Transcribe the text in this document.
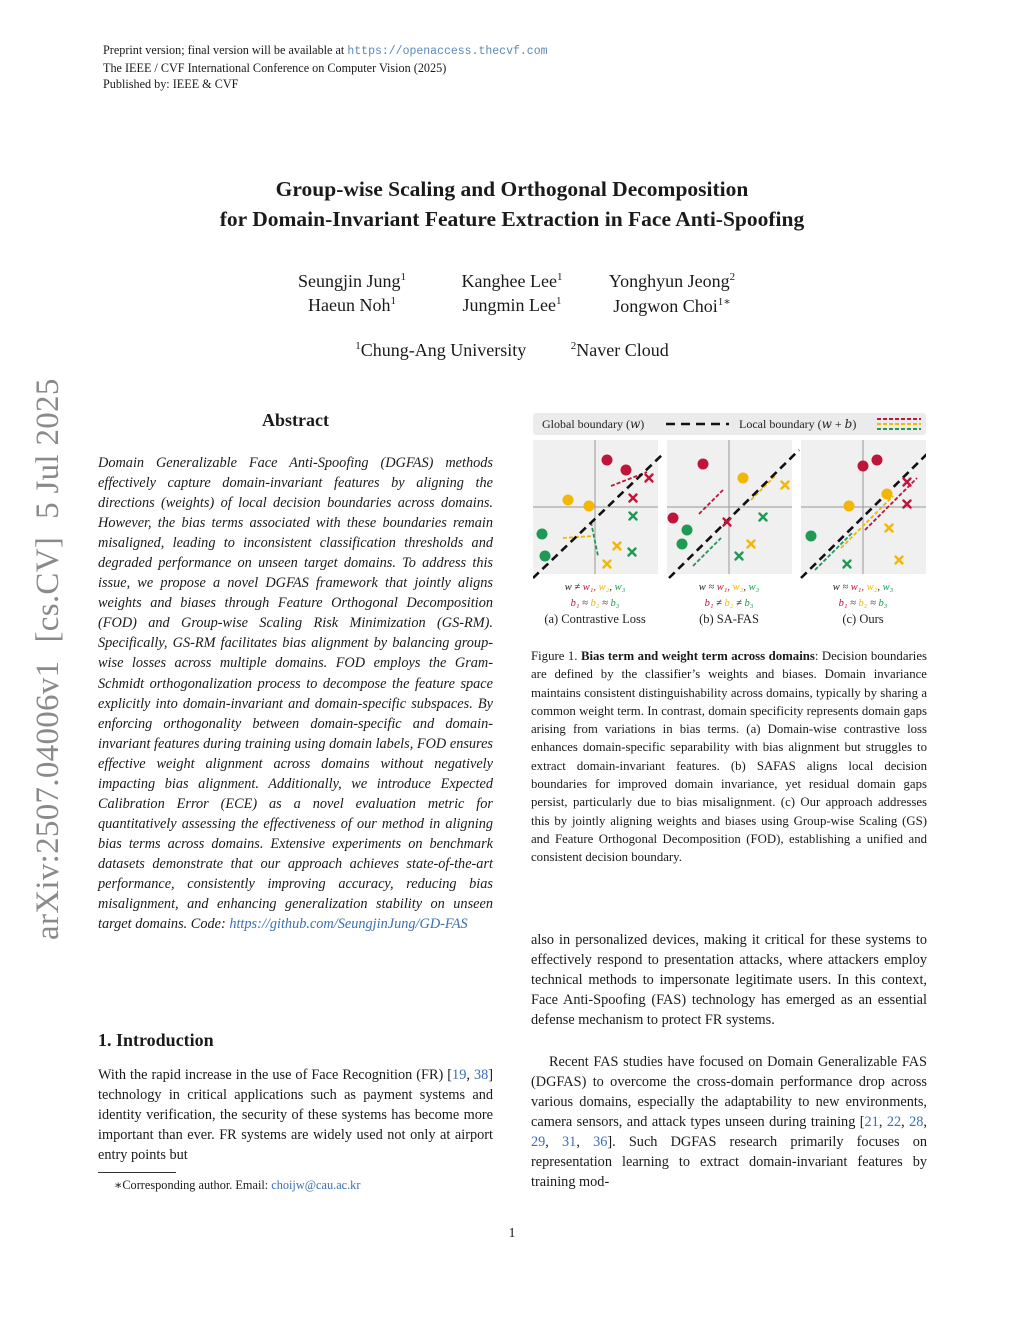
Preprint version; final version will be available at https://openaccess.thecvf.com
The IEEE / CVF International Conference on Computer Vision (2025)
Published by: IEEE & CVF
arXiv:2507.04006v1[cs.CV]5 Jul 2025
Group-wise Scaling and Orthogonal Decomposition
for Domain-Invariant Feature Extraction in Face Anti-Spoofing
Seungjin Jung$^1$	Kanghee Lee$^1$	Yonghyun Jeong$^2$
Haeun Noh$^1$	Jungmin Lee$^1$	Jongwon Choi$^{1∗}$
$^1$Chung-Ang University	$^2$Naver Cloud
Abstract
Domain Generalizable Face Anti-Spoofing (DGFAS) methods effectively capture domain-invariant features by aligning the directions (weights) of local decision boundaries across domains. However, the bias terms associated with these boundaries remain misaligned, leading to inconsistent classification thresholds and degraded performance on unseen target domains. To address this issue, we propose a novel DGFAS framework that jointly aligns weights and biases through Feature Orthogonal Decomposition (FOD) and Group-wise Scaling Risk Minimization (GS-RM). Specifically, GS-RM facilitates bias alignment by balancing group-wise losses across multiple domains. FOD employs the Gram-Schmidt orthogonalization process to decompose the feature space explicitly into domain-invariant and domain-specific subspaces. By enforcing orthogonality between domain-specific and domain-invariant features during training using domain labels, FOD ensures effective weight alignment across domains without negatively impacting bias alignment. Additionally, we introduce Expected Calibration Error (ECE) as a novel evaluation metric for quantitatively assessing the effectiveness of our method in aligning bias terms across domains. Extensive experiments on benchmark datasets demonstrate that our approach achieves state-of-the-art performance, consistently improving accuracy, reducing bias misalignment, and enhancing generalization stability on unseen target domains. Code: https://github.com/SeungjinJung/GD-FAS
1. Introduction
With the rapid increase in the use of Face Recognition (FR) [19, 38] technology in critical applications such as payment systems and identity verification, the security of these systems has become more important than ever. FR systems are widely used not only at airport entry points but
∗Corresponding author. Email: choijw@cau.ac.kr
Global boundary (𝑤)	Local boundary (𝑤 + 𝑏)
w ≠ w₁, w₂, w₃
b₁ ≈ b₂ ≈ b₃
(a) Contrastive Loss
w ≈ w₁, w₂, w₃
b₁ ≠ b₂ ≠ b₃
(b) SA-FAS
w ≈ w₁, w₂, w₃
b₁ ≈ b₂ ≈ b₃
(c) Ours
Figure 1. Bias term and weight term across domains: Decision boundaries are defined by the classifier’s weights and biases. Domain invariance maintains consistent distinguishability across domains, typically by sharing a common weight term. In contrast, domain specificity represents domain gaps arising from variations in bias terms. (a) Domain-wise contrastive loss enhances domain-specific separability with bias alignment but struggles to extract domain-invariant features. (b) SAFAS aligns local decision boundaries for improved domain invariance, yet residual domain gaps persist, particularly due to bias misalignment. (c) Our approach addresses this by jointly aligning weights and biases using Group-wise Scaling (GS) and Feature Orthogonal Decomposition (FOD), establishing a unified and consistent decision boundary.
also in personalized devices, making it critical for these systems to effectively respond to presentation attacks, where attackers employ technical methods to impersonate legitimate users. In this context, Face Anti-Spoofing (FAS) technology has emerged as an essential defense mechanism to protect FR systems.
Recent FAS studies have focused on Domain Generalizable FAS (DGFAS) to overcome the cross-domain performance drop across various domains, especially the adaptability to new environments, camera sensors, and attack types unseen during training [21, 22, 28, 29, 31, 36]. Such DGFAS research primarily focuses on representation learning to extract domain-invariant features by training mod-
1
